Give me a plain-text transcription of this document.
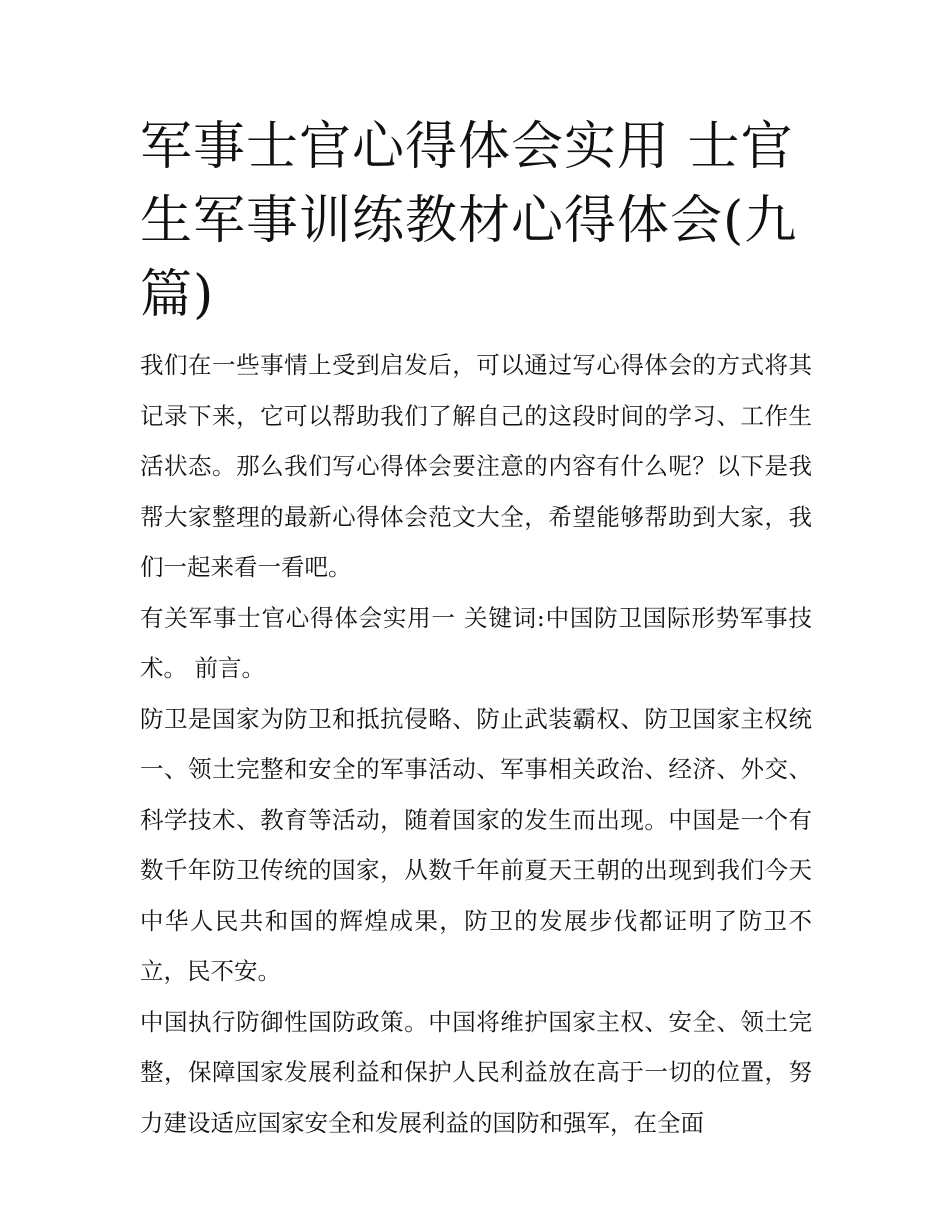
军事士官心得体会实用 士官生军事训练教材心得体会(九篇)

我们在一些事情上受到启发后，可以通过写心得体会的方式将其记录下来，它可以帮助我们了解自己的这段时间的学习、工作生活状态。那么我们写心得体会要注意的内容有什么呢？以下是我帮大家整理的最新心得体会范文大全，希望能够帮助到大家，我们一起来看一看吧。

有关军事士官心得体会实用一 关键词:中国防卫国际形势军事技术。 前言。

防卫是国家为防卫和抵抗侵略、防止武装霸权、防卫国家主权统一、领土完整和安全的军事活动、军事相关政治、经济、外交、科学技术、教育等活动，随着国家的发生而出现。中国是一个有数千年防卫传统的国家，从数千年前夏天王朝的出现到我们今天中华人民共和国的辉煌成果，防卫的发展步伐都证明了防卫不立，民不安。

中国执行防御性国防政策。中国将维护国家主权、安全、领土完整，保障国家发展利益和保护人民利益放在高于一切的位置，努力建设适应国家安全和发展利益的国防和强军，在全面
